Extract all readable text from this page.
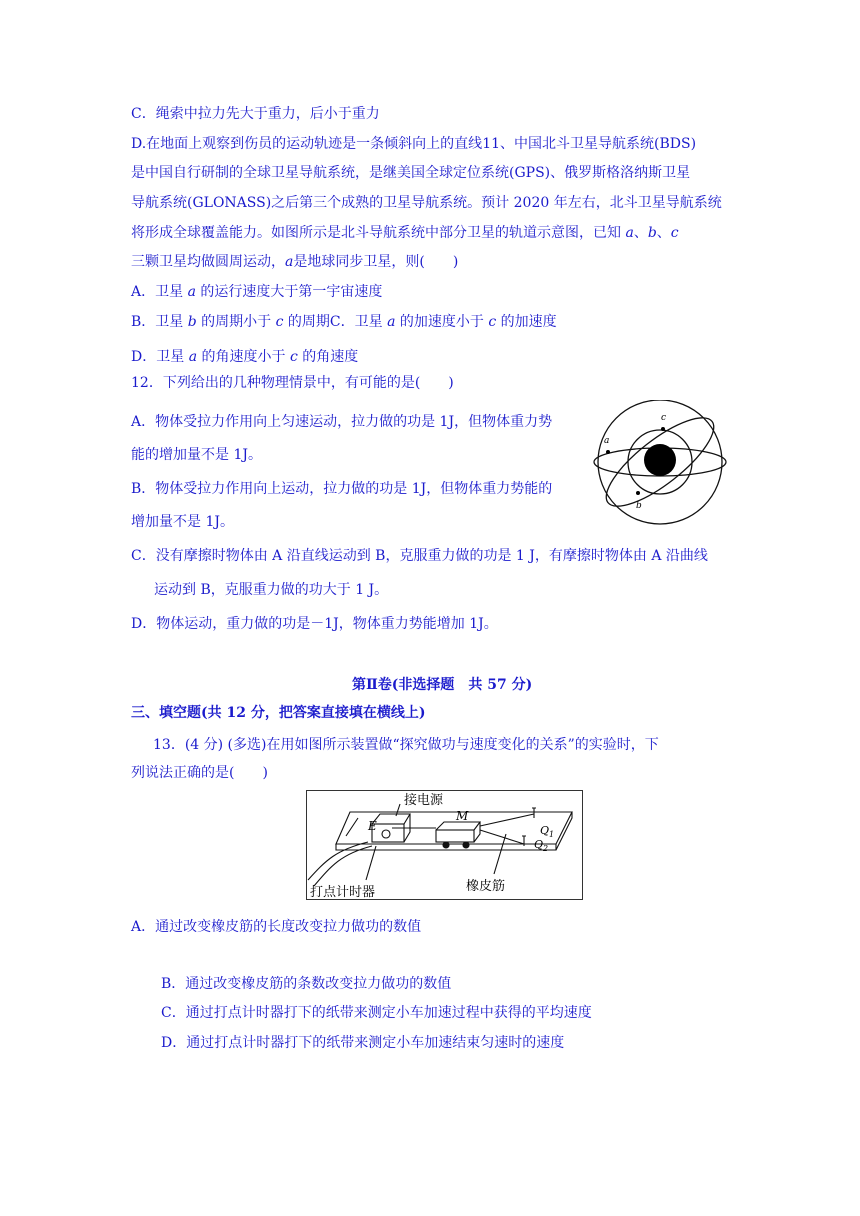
C．绳索中拉力先大于重力，后小于重力
D.在地面上观察到伤员的运动轨迹是一条倾斜向上的直线11、中国北斗卫星导航系统(BDS)
是中国自行研制的全球卫星导航系统，是继美国全球定位系统(GPS)、俄罗斯格洛纳斯卫星
导航系统(GLONASS)之后第三个成熟的卫星导航系统。预计 2020 年左右，北斗卫星导航系统
将形成全球覆盖能力。如图所示是北斗导航系统中部分卫星的轨道示意图，已知 a、b、c
三颗卫星均做圆周运动，a是地球同步卫星，则(　　)
A．卫星 a 的运行速度大于第一宇宙速度
B．卫星 b 的周期小于 c 的周期C．卫星 a 的加速度小于 c 的加速度
D．卫星 a 的角速度小于 c 的角速度
12．下列给出的几种物理情景中，有可能的是(　　)
A．物体受拉力作用向上匀速运动，拉力做的功是 1J，但物体重力势
能的增加量不是 1J。
B．物体受拉力作用向上运动，拉力做的功是 1J，但物体重力势能的
增加量不是 1J。
C．没有摩擦时物体由 A 沿直线运动到 B，克服重力做的功是 1 J，有摩擦时物体由 A 沿曲线
运动到 B，克服重力做的功大于 1 J。
D．物体运动，重力做的功是－1J，物体重力势能增加 1J。
a
c
b
第Ⅱ卷(非选择题　共 57 分)
三、填空题(共 12 分，把答案直接填在横线上)
13．(4 分) (多选)在用如图所示装置做“探究做功与速度变化的关系”的实验时，下
列说法正确的是(　　)
接电源
E
M
$Q_1$
$Q_2$
打点计时器	橡皮筋
A．通过改变橡皮筋的长度改变拉力做功的数值
B．通过改变橡皮筋的条数改变拉力做功的数值
C．通过打点计时器打下的纸带来测定小车加速过程中获得的平均速度
D．通过打点计时器打下的纸带来测定小车加速结束匀速时的速度
